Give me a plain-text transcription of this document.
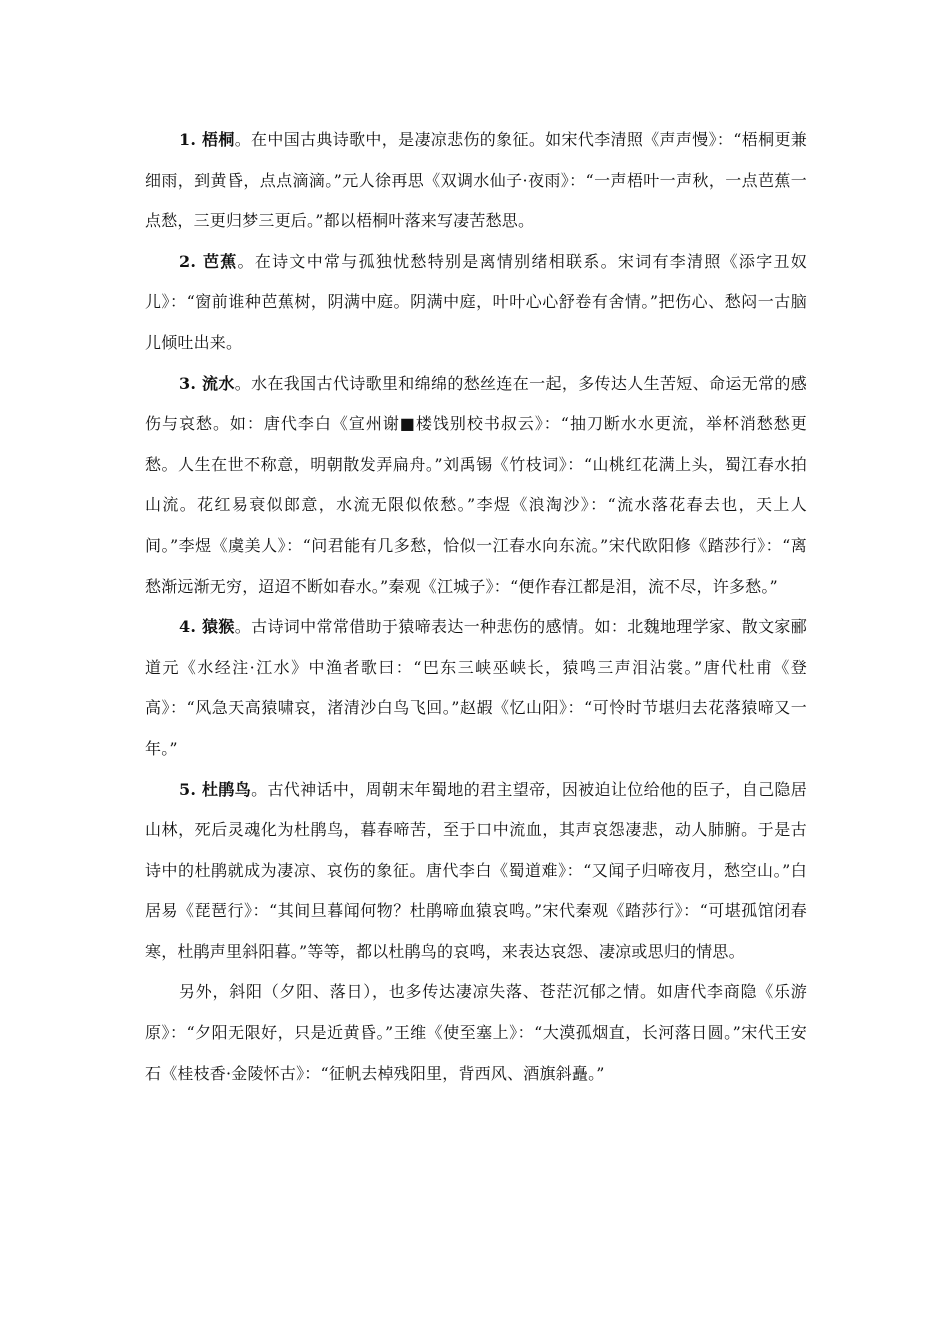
1. 梧桐。在中国古典诗歌中，是凄凉悲伤的象征。如宋代李清照《声声慢》：“梧桐更兼细雨，到黄昏，点点滴滴。”元人徐再思《双调水仙子·夜雨》：“一声梧叶一声秋，一点芭蕉一点愁，三更归梦三更后。”都以梧桐叶落来写凄苦愁思。

2. 芭蕉。在诗文中常与孤独忧愁特别是离情别绪相联系。宋词有李清照《添字丑奴儿》：“窗前谁种芭蕉树，阴满中庭。阴满中庭，叶叶心心舒卷有舍情。”把伤心、愁闷一古脑儿倾吐出来。

3. 流水。水在我国古代诗歌里和绵绵的愁丝连在一起，多传达人生苦短、命运无常的感伤与哀愁。如：唐代李白《宣州谢■楼饯别校书叔云》：“抽刀断水水更流，举杯消愁愁更愁。人生在世不称意，明朝散发弄扁舟。”刘禹锡《竹枝词》：“山桃红花满上头，蜀江春水拍山流。花红易衰似郎意，水流无限似侬愁。”李煜《浪淘沙》：“流水落花春去也，天上人间。”李煜《虞美人》：“问君能有几多愁，恰似一江春水向东流。”宋代欧阳修《踏莎行》：“离愁渐远渐无穷，迢迢不断如春水。”秦观《江城子》：“便作春江都是泪，流不尽，许多愁。”

4. 猿猴。古诗词中常常借助于猿啼表达一种悲伤的感情。如：北魏地理学家、散文家郦道元《水经注·江水》中渔者歌曰：“巴东三峡巫峡长，猿鸣三声泪沾裳。”唐代杜甫《登高》：“风急天高猿啸哀，渚清沙白鸟飞回。”赵嘏《忆山阳》：“可怜时节堪归去花落猿啼又一年。”

5. 杜鹃鸟。古代神话中，周朝末年蜀地的君主望帝，因被迫让位给他的臣子，自己隐居山林，死后灵魂化为杜鹃鸟，暮春啼苦，至于口中流血，其声哀怨凄悲，动人肺腑。于是古诗中的杜鹃就成为凄凉、哀伤的象征。唐代李白《蜀道难》：“又闻子归啼夜月，愁空山。”白居易《琵琶行》：“其间旦暮闻何物？杜鹃啼血猿哀鸣。”宋代秦观《踏莎行》：“可堪孤馆闭春寒，杜鹃声里斜阳暮。”等等，都以杜鹃鸟的哀鸣，来表达哀怨、凄凉或思归的情思。

另外，斜阳（夕阳、落日），也多传达凄凉失落、苍茫沉郁之情。如唐代李商隐《乐游原》：“夕阳无限好，只是近黄昏。”王维《使至塞上》：“大漠孤烟直，长河落日圆。”宋代王安石《桂枝香·金陵怀古》：“征帆去棹残阳里，背西风、酒旗斜矗。”
